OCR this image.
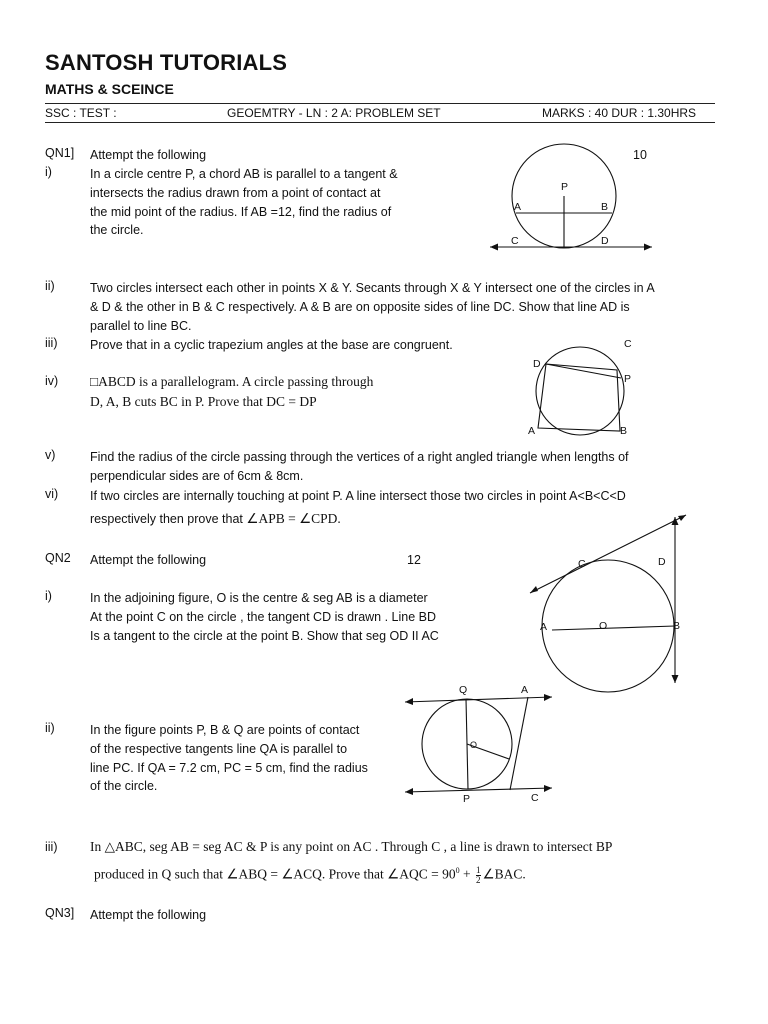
SANTOSH TUTORIALS
MATHS & SCEINCE
SSC : TEST :	GEOEMTRY - LN : 2 A: PROBLEM SET	MARKS : 40 DUR : 1.30HRS
QN1] Attempt the following	10
i)	In a circle centre P, a chord AB is parallel to a tangent &
intersects the radius drawn from a point of contact at
the mid point of the radius. If AB =12, find the radius of
the circle.
ii)	Two circles intersect each other in points X & Y. Secants through X & Y intersect one of the circles in A
& D & the other in B & C respectively. A & B are on opposite sides of line DC. Show that line AD is
parallel to line BC.
iii)	Prove that in a cyclic trapezium angles at the base are congruent.
iv) □ABCD is a parallelogram. A circle passing through
D, A, B cuts BC in P. Prove that DC = DP
v)	Find the radius of the circle passing through the vertices of a right angled triangle when lengths of
perpendicular sides are of 6cm & 8cm.
vi)	If two circles are internally touching at point P. A line intersect those two circles in point A<B<C<D
respectively then prove that ∠APB = ∠CPD.
QN2 Attempt the following	12
i)	In the adjoining figure, O is the centre & seg AB is a diameter
At the point C on the circle , the tangent CD is drawn . Line BD
Is a tangent to the circle at the point B. Show that seg OD II AC
ii)	In the figure points P, B & Q are points of contact
of the respective tangents line QA is parallel to
line PC. If QA = 7.2 cm, PC = 5 cm, find the radius
of the circle.
iii) In △ABC, seg AB = seg AC & P is any point on AC . Through C , a line is drawn to intersect BP
produced in Q such that ∠ABQ = ∠ACQ. Prove that ∠AQC = $90^0 + \frac{1}{2}$ ∠BAC.
QN3] Attempt the following
P
A	B
C	D
C
D
P
A	B
C	D
A	O	B
Q	A
O
P	C
